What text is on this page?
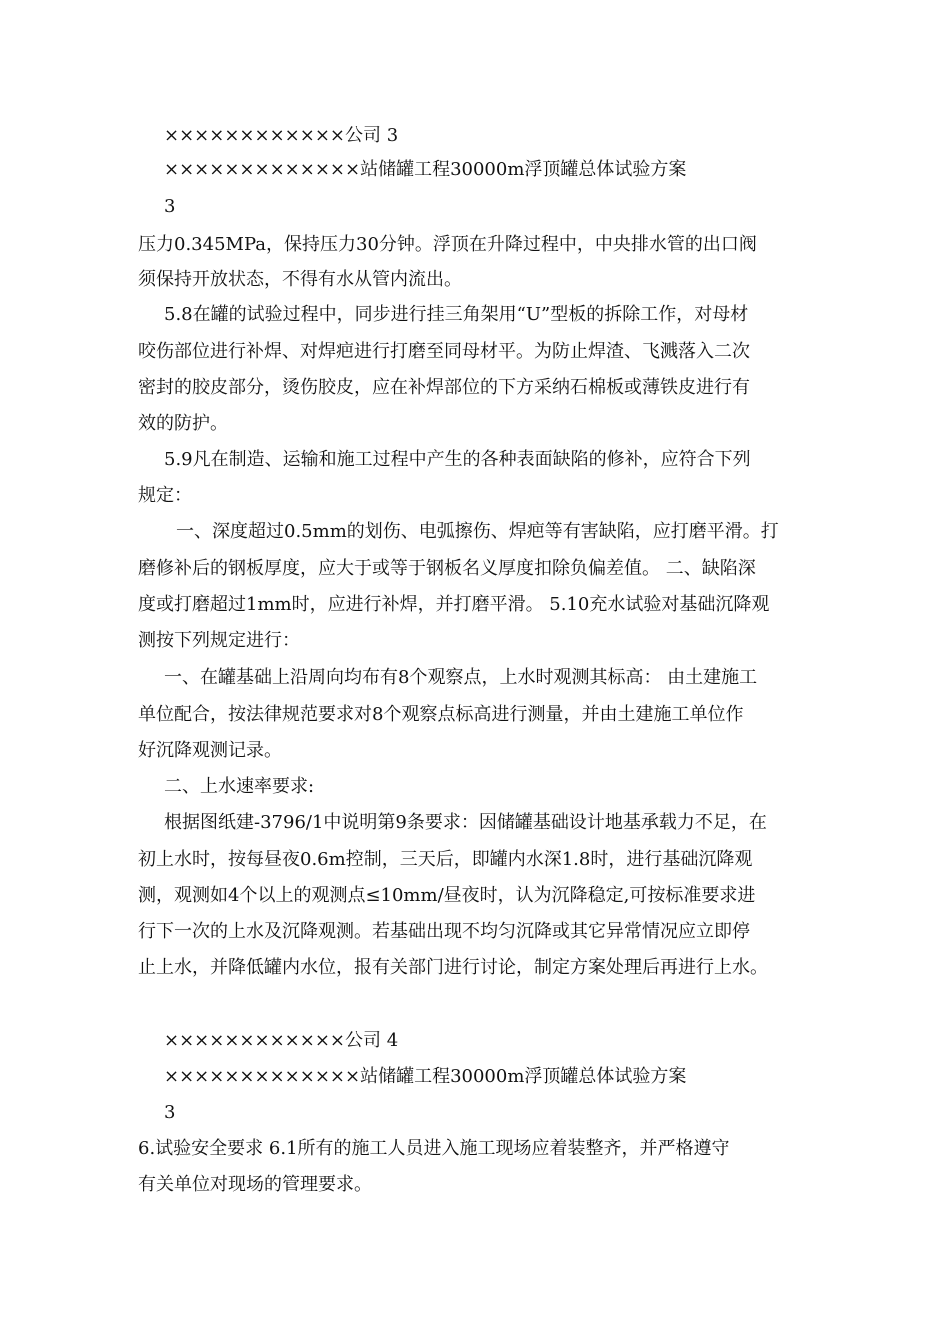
××××××××××××公司 3
×××××××××××××站储罐工程30000m浮顶罐总体试验方案
3
压力0.345MPa，保持压力30分钟。浮顶在升降过程中，中央排水管的出口阀
须保持开放状态，不得有水从管内流出。
5.8在罐的试验过程中，同步进行挂三角架用“U”型板的拆除工作，对母材
咬伤部位进行补焊、对焊疤进行打磨至同母材平。为防止焊渣、飞溅落入二次
密封的胶皮部分，烫伤胶皮，应在补焊部位的下方采纳石棉板或薄铁皮进行有
效的防护。
5.9凡在制造、运输和施工过程中产生的各种表面缺陷的修补，应符合下列
规定：
一、深度超过0.5mm的划伤、电弧擦伤、焊疤等有害缺陷，应打磨平滑。打
磨修补后的钢板厚度，应大于或等于钢板名义厚度扣除负偏差值。 二、缺陷深
度或打磨超过1mm时，应进行补焊，并打磨平滑。 5.10充水试验对基础沉降观
测按下列规定进行：
一、在罐基础上沿周向均布有8个观察点，上水时观测其标高： 由土建施工
单位配合，按法律规范要求对8个观察点标高进行测量，并由土建施工单位作
好沉降观测记录。
二、上水速率要求:
根据图纸建-3796/1中说明第9条要求：因储罐基础设计地基承载力不足，在
初上水时，按每昼夜0.6m控制，三天后，即罐内水深1.8时，进行基础沉降观
测，观测如4个以上的观测点≤10mm/昼夜时，认为沉降稳定,可按标准要求进
行下一次的上水及沉降观测。若基础出现不均匀沉降或其它异常情况应立即停
止上水，并降低罐内水位，报有关部门进行讨论，制定方案处理后再进行上水。
××××××××××××公司 4
×××××××××××××站储罐工程30000m浮顶罐总体试验方案
3
6.试验安全要求 6.1所有的施工人员进入施工现场应着装整齐，并严格遵守
有关单位对现场的管理要求。
